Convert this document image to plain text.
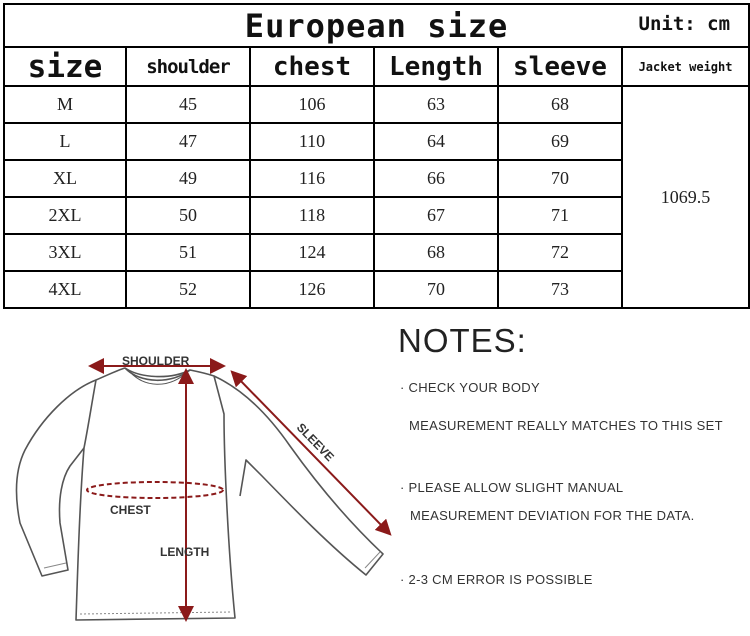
European size Unit: cm					

size	shoulder	chest	Length	sleeve	Jacket weight
M	45	106	63	68	1069.5
L	47	110	64	69	
XL	49	116	66	70	
2XL	50	118	67	71	
3XL	51	124	68	72	
4XL	52	126	70	73	
SHOULDER
LENGTH
SLEEVE
CHEST
NOTES:
· CHECK YOUR BODY
MEASUREMENT REALLY MATCHES TO THIS SET
· PLEASE ALLOW SLIGHT MANUAL
MEASUREMENT DEVIATION FOR THE DATA.
· 2-3 CM ERROR IS POSSIBLE
